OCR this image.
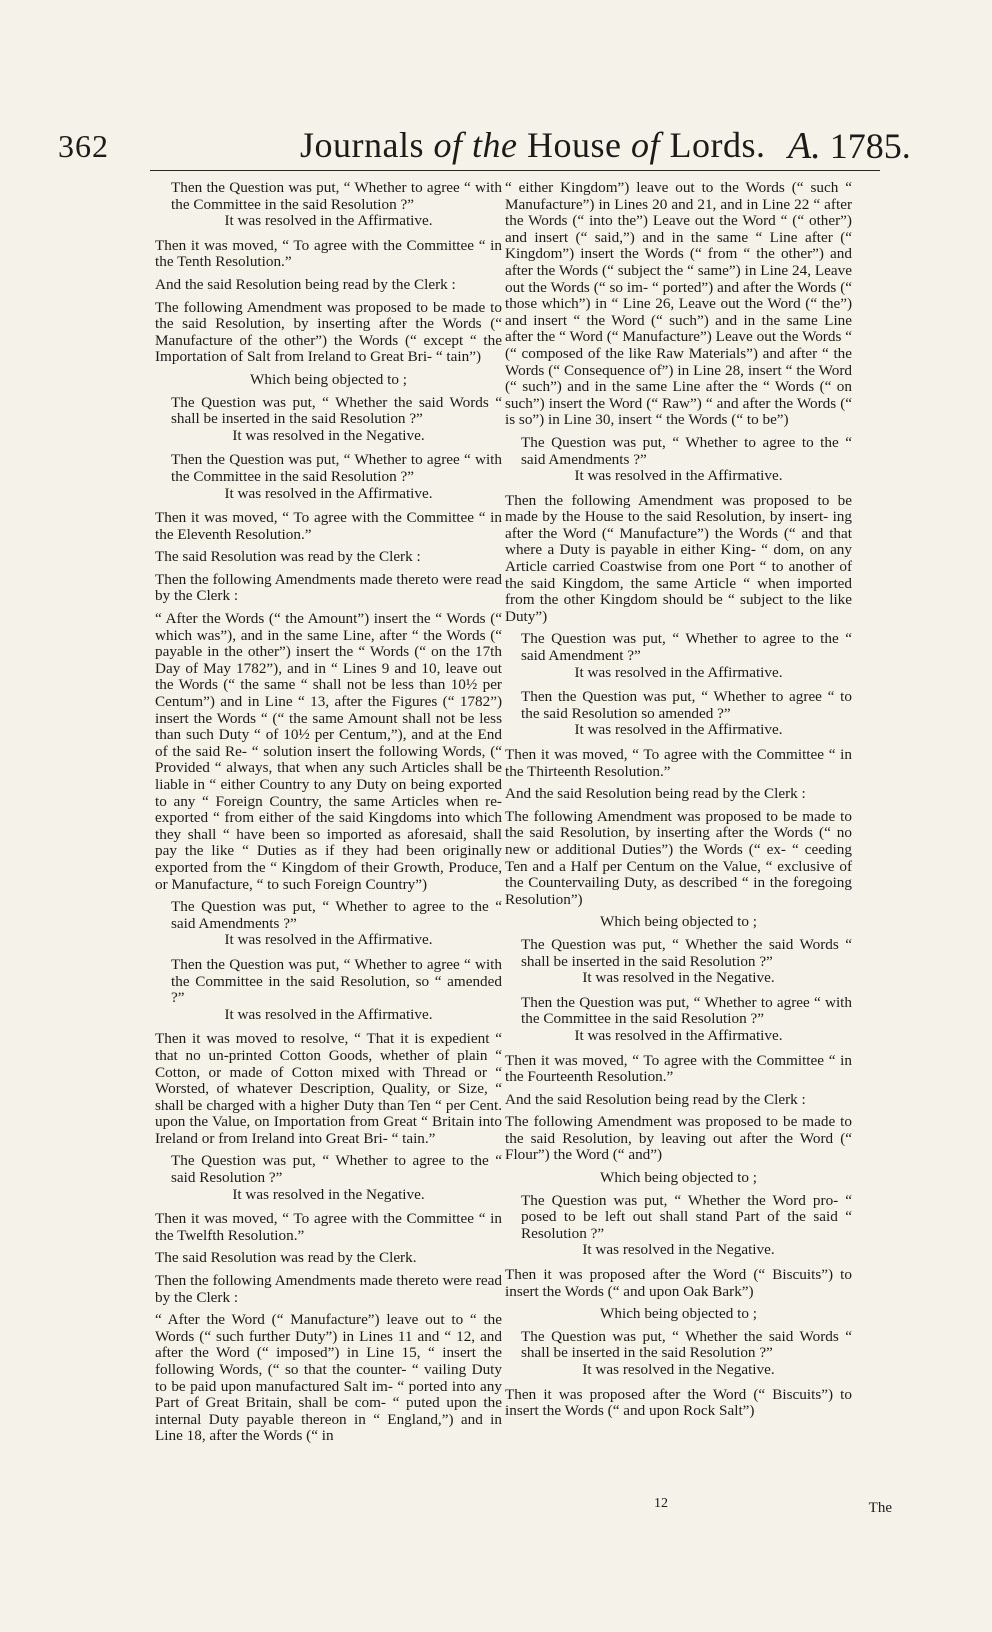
362	Journals of the House of Lords. A. 1785.

Then the Question was put, “ Whether to agree “ with the Committee in the said Resolution ?”

It was resolved in the Affirmative.

Then it was moved, “ To agree with the Committee “ in the Tenth Resolution.”

And the said Resolution being read by the Clerk :

The following Amendment was proposed to be made to the said Resolution, by inserting after the Words (“ Manufacture of the other”) the Words (“ except “ the Importation of Salt from Ireland to Great Bri- “ tain”)

Which being objected to ;

The Question was put, “ Whether the said Words “ shall be inserted in the said Resolution ?”

It was resolved in the Negative.

Then the Question was put, “ Whether to agree “ with the Committee in the said Resolution ?”

It was resolved in the Affirmative.

Then it was moved, “ To agree with the Committee “ in the Eleventh Resolution.”

The said Resolution was read by the Clerk :

Then the following Amendments made thereto were read by the Clerk :

“ After the Words (“ the Amount”) insert the “ Words (“ which was”), and in the same Line, after “ the Words (“ payable in the other”) insert the “ Words (“ on the 17th Day of May 1782”), and in “ Lines 9 and 10, leave out the Words (“ the same “ shall not be less than 10½ per Centum”) and in Line “ 13, after the Figures (“ 1782”) insert the Words “ (“ the same Amount shall not be less than such Duty “ of 10½ per Centum,”), and at the End of the said Re- “ solution insert the following Words, (“ Provided “ always, that when any such Articles shall be liable in “ either Country to any Duty on being exported to any “ Foreign Country, the same Articles when re-exported “ from either of the said Kingdoms into which they shall “ have been so imported as aforesaid, shall pay the like “ Duties as if they had been originally exported from the “ Kingdom of their Growth, Produce, or Manufacture, “ to such Foreign Country”)

The Question was put, “ Whether to agree to the “ said Amendments ?”

It was resolved in the Affirmative.

Then the Question was put, “ Whether to agree “ with the Committee in the said Resolution, so “ amended ?”

It was resolved in the Affirmative.

Then it was moved to resolve, “ That it is expedient “ that no un-printed Cotton Goods, whether of plain “ Cotton, or made of Cotton mixed with Thread or “ Worsted, of whatever Description, Quality, or Size, “ shall be charged with a higher Duty than Ten “ per Cent. upon the Value, on Importation from Great “ Britain into Ireland or from Ireland into Great Bri- “ tain.”

The Question was put, “ Whether to agree to the “ said Resolution ?”

It was resolved in the Negative.

Then it was moved, “ To agree with the Committee “ in the Twelfth Resolution.”

The said Resolution was read by the Clerk.

Then the following Amendments made thereto were read by the Clerk :

“ After the Word (“ Manufacture”) leave out to “ the Words (“ such further Duty”) in Lines 11 and “ 12, and after the Word (“ imposed”) in Line 15, “ insert the following Words, (“ so that the counter- “ vailing Duty to be paid upon manufactured Salt im- “ ported into any Part of Great Britain, shall be com- “ puted upon the internal Duty payable thereon in “ England,”) and in Line 18, after the Words (“ in

“ either Kingdom”) leave out to the Words (“ such “ Manufacture”) in Lines 20 and 21, and in Line 22 “ after the Words (“ into the”) Leave out the Word “ (“ other”) and insert (“ said,”) and in the same “ Line after (“ Kingdom”) insert the Words (“ from “ the other”) and after the Words (“ subject the “ same”) in Line 24, Leave out the Words (“ so im- “ ported”) and after the Words (“ those which”) in “ Line 26, Leave out the Word (“ the”) and insert “ the Word (“ such”) and in the same Line after the “ Word (“ Manufacture”) Leave out the Words “ (“ composed of the like Raw Materials”) and after “ the Words (“ Consequence of”) in Line 28, insert “ the Word (“ such”) and in the same Line after the “ Words (“ on such”) insert the Word (“ Raw”) “ and after the Words (“ is so”) in Line 30, insert “ the Words (“ to be”)

The Question was put, “ Whether to agree to the “ said Amendments ?”

It was resolved in the Affirmative.

Then the following Amendment was proposed to be made by the House to the said Resolution, by insert- ing after the Word (“ Manufacture”) the Words (“ and that where a Duty is payable in either King- “ dom, on any Article carried Coastwise from one Port “ to another of the said Kingdom, the same Article “ when imported from the other Kingdom should be “ subject to the like Duty”)

The Question was put, “ Whether to agree to the “ said Amendment ?”

It was resolved in the Affirmative.

Then the Question was put, “ Whether to agree “ to the said Resolution so amended ?”

It was resolved in the Affirmative.

Then it was moved, “ To agree with the Committee “ in the Thirteenth Resolution.”

And the said Resolution being read by the Clerk :

The following Amendment was proposed to be made to the said Resolution, by inserting after the Words (“ no new or additional Duties”) the Words (“ ex- “ ceeding Ten and a Half per Centum on the Value, “ exclusive of the Countervailing Duty, as described “ in the foregoing Resolution”)

Which being objected to ;

The Question was put, “ Whether the said Words “ shall be inserted in the said Resolution ?”

It was resolved in the Negative.

Then the Question was put, “ Whether to agree “ with the Committee in the said Resolution ?”

It was resolved in the Affirmative.

Then it was moved, “ To agree with the Committee “ in the Fourteenth Resolution.”

And the said Resolution being read by the Clerk :

The following Amendment was proposed to be made to the said Resolution, by leaving out after the Word (“ Flour”) the Word (“ and”)

Which being objected to ;

The Question was put, “ Whether the Word pro- “ posed to be left out shall stand Part of the said “ Resolution ?”

It was resolved in the Negative.

Then it was proposed after the Word (“ Biscuits”) to insert the Words (“ and upon Oak Bark”)

Which being objected to ;

The Question was put, “ Whether the said Words “ shall be inserted in the said Resolution ?”

It was resolved in the Negative.

Then it was proposed after the Word (“ Biscuits”) to insert the Words (“ and upon Rock Salt”)

12	The
